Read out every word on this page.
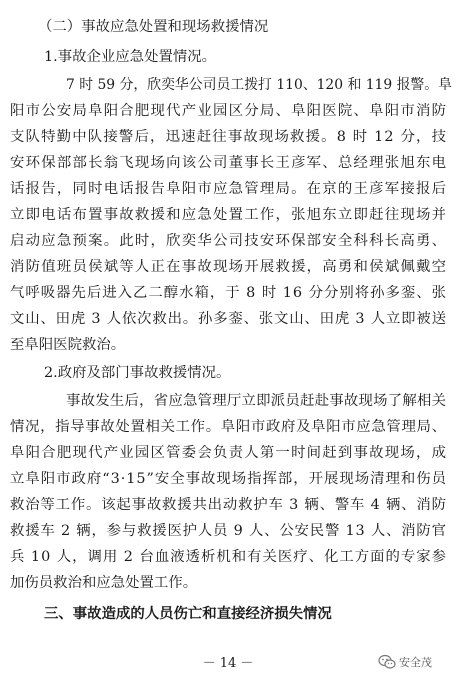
（二）事故应急处置和现场救援情况
1.事故企业应急处置情况。
7 时 59 分，欣奕华公司员工拨打 110、120 和 119 报警。阜
阳市公安局阜阳合肥现代产业园区分局、阜阳医院、阜阳市消防
支队特勤中队接警后，迅速赶往事故现场救援。8 时 12 分，技
安环保部部长翁飞现场向该公司董事长王彦军、总经理张旭东电
话报告，同时电话报告阜阳市应急管理局。在京的王彦军接报后
立即电话布置事故救援和应急处置工作，张旭东立即赶往现场并
启动应急预案。此时，欣奕华公司技安环保部安全科科长高勇、
消防值班员侯斌等人正在事故现场开展救援，高勇和侯斌佩戴空
气呼吸器先后进入乙二醇水箱，于 8 时 16 分分别将孙多銮、张
文山、田虎 3 人依次救出。孙多銮、张文山、田虎 3 人立即被送
至阜阳医院救治。
2.政府及部门事故救援情况。
事故发生后，省应急管理厅立即派员赶赴事故现场了解相关
情况，指导事故处置相关工作。阜阳市政府及阜阳市应急管理局、
阜阳合肥现代产业园区管委会负责人第一时间赶到事故现场，成
立阜阳市政府“3·15”安全事故现场指挥部，开展现场清理和伤员
救治等工作。该起事故救援共出动救护车 3 辆、警车 4 辆、消防
救援车 2 辆，参与救援医护人员 9 人、公安民警 13 人、消防官
兵 10 人，调用 2 台血液透析机和有关医疗、化工方面的专家参
加伤员救治和应急处置工作。
三、事故造成的人员伤亡和直接经济损失情况
－ 14 －	安全茂
